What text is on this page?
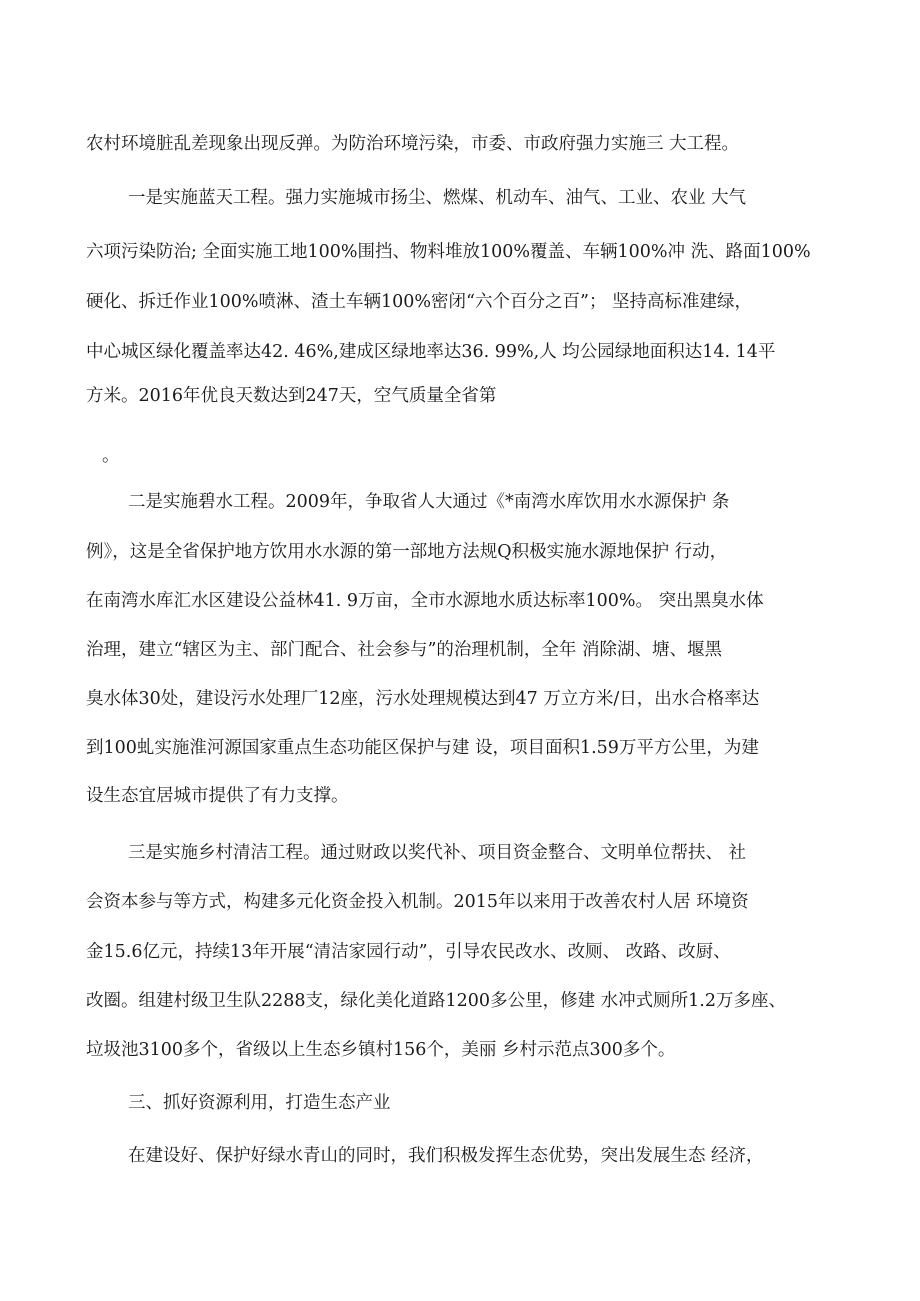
农村环境脏乱差现象出现反弹。为防治环境污染，市委、市政府强力实施三 大工程。
一是实施蓝天工程。强力实施城市扬尘、燃煤、机动车、油气、工业、农业 大气
六项污染防治; 全面实施工地100%围挡、物料堆放100%覆盖、车辆100%冲 洗、路面100%
硬化、拆迁作业100%喷淋、渣土车辆100%密闭“六个百分之百”； 坚持高标准建绿，
中心城区绿化覆盖率达42. 46%,建成区绿地率达36. 99%,人 均公园绿地面积达14. 14平
方米。2016年优良天数达到247天，空气质量全省第
。
二是实施碧水工程。2009年，争取省人大通过《*南湾水库饮用水水源保护 条
例》，这是全省保护地方饮用水水源的第一部地方法规Q积极实施水源地保护 行动，
在南湾水库汇水区建设公益林41. 9万亩，全市水源地水质达标率100%。 突出黑臭水体
治理，建立“辖区为主、部门配合、社会参与”的治理机制，全年 消除湖、塘、堰黑
臭水体30处，建设污水处理厂12座，污水处理规模达到47 万立方米/日，出水合格率达
到100虬实施淮河源国家重点生态功能区保护与建 设，项目面积1.59万平方公里，为建
设生态宜居城市提供了有力支撑。
三是实施乡村清洁工程。通过财政以奖代补、项目资金整合、文明单位帮扶、 社
会资本参与等方式，构建多元化资金投入机制。2015年以来用于改善农村人居 环境资
金15.6亿元，持续13年开展“清洁家园行动”，引导农民改水、改厕、 改路、改厨、
改圈。组建村级卫生队2288支，绿化美化道路1200多公里，修建 水冲式厕所1.2万多座、
垃圾池3100多个，省级以上生态乡镇村156个，美丽 乡村示范点300多个。
三、抓好资源利用，打造生态产业
在建设好、保护好绿水青山的同时，我们积极发挥生态优势，突出发展生态 经济，
